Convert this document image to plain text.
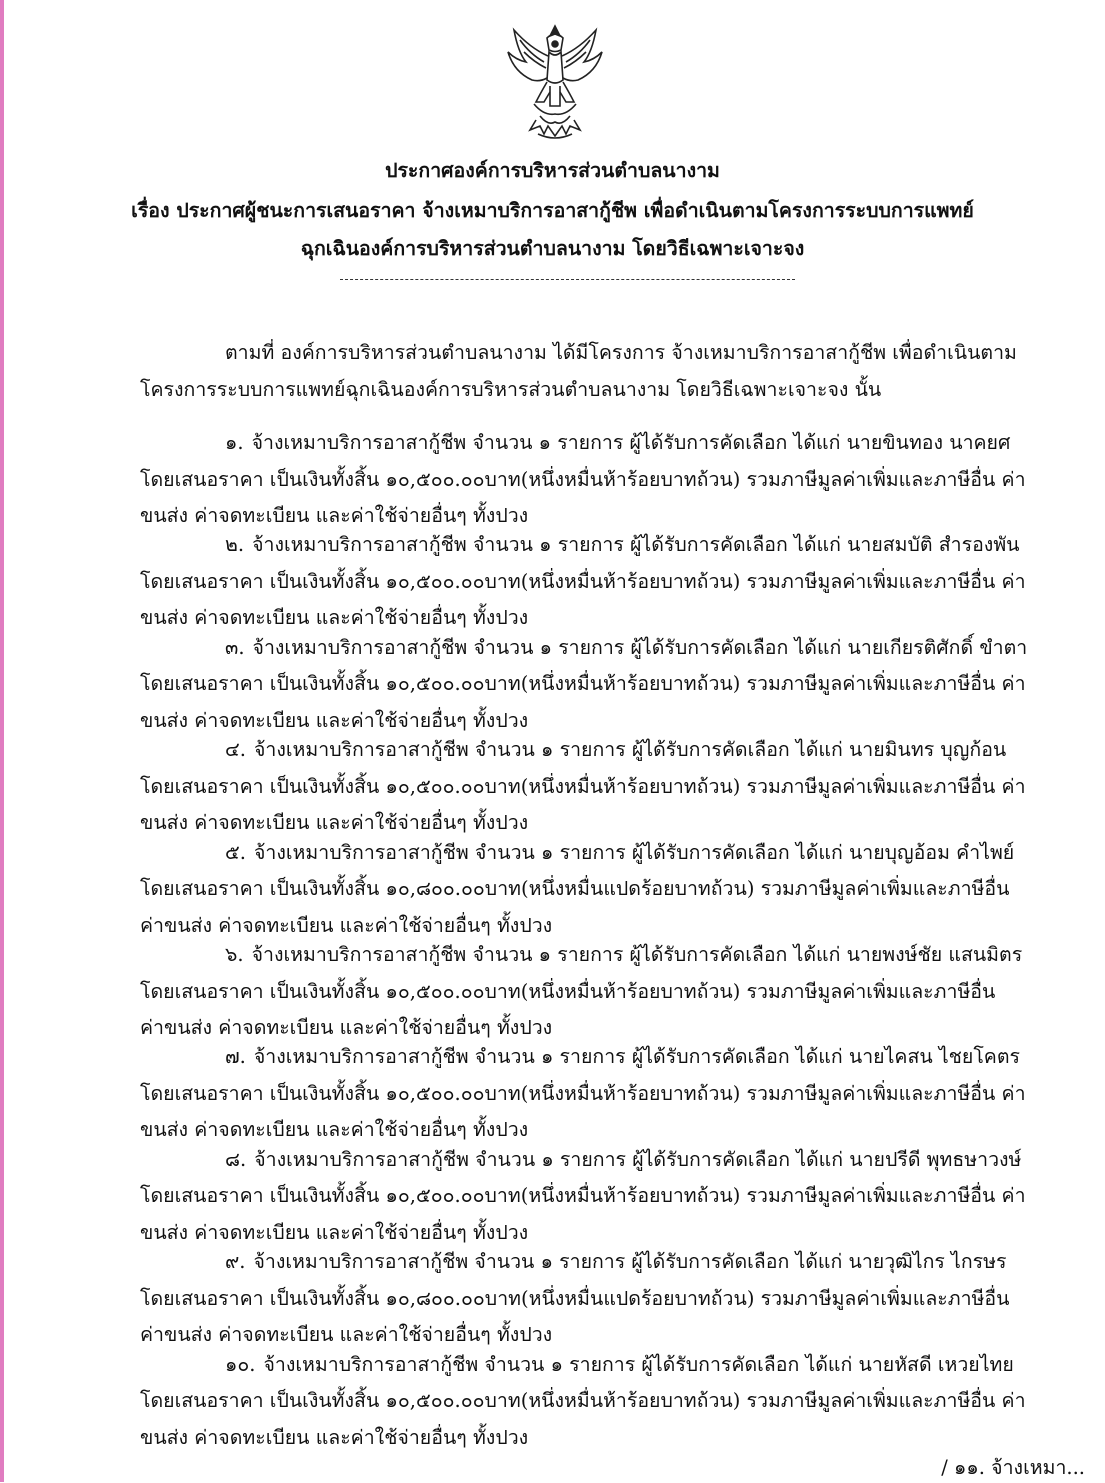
ประกาศองค์การบริหารส่วนตำบลนางาม
เรื่อง ประกาศผู้ชนะการเสนอราคา จ้างเหมาบริการอาสากู้ชีพ เพื่อดำเนินตามโครงการระบบการแพทย์
ฉุกเฉินองค์การบริหารส่วนตำบลนางาม โดยวิธีเฉพาะเจาะจง
ตามที่ องค์การบริหารส่วนตำบลนางาม ได้มีโครงการ จ้างเหมาบริการอาสากู้ชีพ เพื่อดำเนินตาม
โครงการระบบการแพทย์ฉุกเฉินองค์การบริหารส่วนตำบลนางาม โดยวิธีเฉพาะเจาะจง นั้น
๑. จ้างเหมาบริการอาสากู้ชีพ จำนวน ๑ รายการ ผู้ได้รับการคัดเลือก ได้แก่ นายขินทอง นาคยศ
โดยเสนอราคา เป็นเงินทั้งสิ้น ๑๐,๕๐๐.๐๐บาท(หนึ่งหมื่นห้าร้อยบาทถ้วน) รวมภาษีมูลค่าเพิ่มและภาษีอื่น ค่า
ขนส่ง ค่าจดทะเบียน และค่าใช้จ่ายอื่นๆ ทั้งปวง
๒. จ้างเหมาบริการอาสากู้ชีพ จำนวน ๑ รายการ ผู้ได้รับการคัดเลือก ได้แก่ นายสมบัติ สำรองพัน
โดยเสนอราคา เป็นเงินทั้งสิ้น ๑๐,๕๐๐.๐๐บาท(หนึ่งหมื่นห้าร้อยบาทถ้วน) รวมภาษีมูลค่าเพิ่มและภาษีอื่น ค่า
ขนส่ง ค่าจดทะเบียน และค่าใช้จ่ายอื่นๆ ทั้งปวง
๓. จ้างเหมาบริการอาสากู้ชีพ จำนวน ๑ รายการ ผู้ได้รับการคัดเลือก ได้แก่ นายเกียรติศักดิ์ ขำตา
โดยเสนอราคา เป็นเงินทั้งสิ้น ๑๐,๕๐๐.๐๐บาท(หนึ่งหมื่นห้าร้อยบาทถ้วน) รวมภาษีมูลค่าเพิ่มและภาษีอื่น ค่า
ขนส่ง ค่าจดทะเบียน และค่าใช้จ่ายอื่นๆ ทั้งปวง
๔. จ้างเหมาบริการอาสากู้ชีพ จำนวน ๑ รายการ ผู้ได้รับการคัดเลือก ได้แก่ นายมินทร บุญก้อน
โดยเสนอราคา เป็นเงินทั้งสิ้น ๑๐,๕๐๐.๐๐บาท(หนึ่งหมื่นห้าร้อยบาทถ้วน) รวมภาษีมูลค่าเพิ่มและภาษีอื่น ค่า
ขนส่ง ค่าจดทะเบียน และค่าใช้จ่ายอื่นๆ ทั้งปวง
๕. จ้างเหมาบริการอาสากู้ชีพ จำนวน ๑ รายการ ผู้ได้รับการคัดเลือก ได้แก่ นายบุญอ้อม คำไพย์
โดยเสนอราคา เป็นเงินทั้งสิ้น ๑๐,๘๐๐.๐๐บาท(หนึ่งหมื่นแปดร้อยบาทถ้วน) รวมภาษีมูลค่าเพิ่มและภาษีอื่น
ค่าขนส่ง ค่าจดทะเบียน และค่าใช้จ่ายอื่นๆ ทั้งปวง
๖. จ้างเหมาบริการอาสากู้ชีพ จำนวน ๑ รายการ ผู้ได้รับการคัดเลือก ได้แก่ นายพงษ์ชัย แสนมิตร
โดยเสนอราคา เป็นเงินทั้งสิ้น ๑๐,๕๐๐.๐๐บาท(หนึ่งหมื่นห้าร้อยบาทถ้วน) รวมภาษีมูลค่าเพิ่มและภาษีอื่น
ค่าขนส่ง ค่าจดทะเบียน และค่าใช้จ่ายอื่นๆ ทั้งปวง
๗. จ้างเหมาบริการอาสากู้ชีพ จำนวน ๑ รายการ ผู้ได้รับการคัดเลือก ได้แก่ นายไคสน ไชยโคตร
โดยเสนอราคา เป็นเงินทั้งสิ้น ๑๐,๕๐๐.๐๐บาท(หนึ่งหมื่นห้าร้อยบาทถ้วน) รวมภาษีมูลค่าเพิ่มและภาษีอื่น ค่า
ขนส่ง ค่าจดทะเบียน และค่าใช้จ่ายอื่นๆ ทั้งปวง
๘. จ้างเหมาบริการอาสากู้ชีพ จำนวน ๑ รายการ ผู้ได้รับการคัดเลือก ได้แก่ นายปรีดี พุทธษาวงษ์
โดยเสนอราคา เป็นเงินทั้งสิ้น ๑๐,๕๐๐.๐๐บาท(หนึ่งหมื่นห้าร้อยบาทถ้วน) รวมภาษีมูลค่าเพิ่มและภาษีอื่น ค่า
ขนส่ง ค่าจดทะเบียน และค่าใช้จ่ายอื่นๆ ทั้งปวง
๙. จ้างเหมาบริการอาสากู้ชีพ จำนวน ๑ รายการ ผู้ได้รับการคัดเลือก ได้แก่ นายวุฒิไกร ไกรษร
โดยเสนอราคา เป็นเงินทั้งสิ้น ๑๐,๘๐๐.๐๐บาท(หนึ่งหมื่นแปดร้อยบาทถ้วน) รวมภาษีมูลค่าเพิ่มและภาษีอื่น
ค่าขนส่ง ค่าจดทะเบียน และค่าใช้จ่ายอื่นๆ ทั้งปวง
๑๐. จ้างเหมาบริการอาสากู้ชีพ จำนวน ๑ รายการ ผู้ได้รับการคัดเลือก ได้แก่ นายหัสดี เหวยไทย
โดยเสนอราคา เป็นเงินทั้งสิ้น ๑๐,๕๐๐.๐๐บาท(หนึ่งหมื่นห้าร้อยบาทถ้วน) รวมภาษีมูลค่าเพิ่มและภาษีอื่น ค่า
ขนส่ง ค่าจดทะเบียน และค่าใช้จ่ายอื่นๆ ทั้งปวง
/ ๑๑. จ้างเหมา...
